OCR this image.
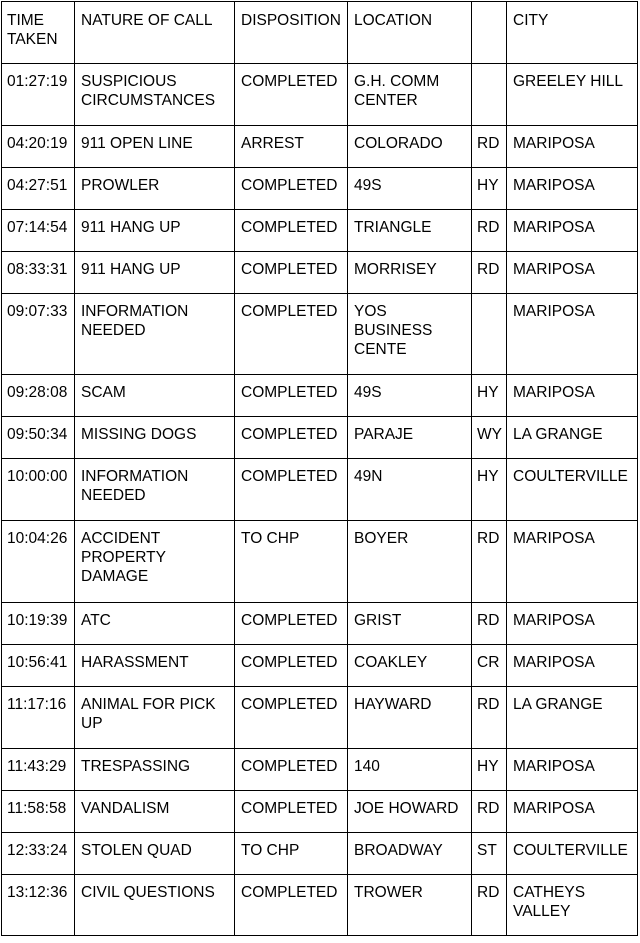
TIME TAKEN	NATURE OF CALL	DISPOSITION	LOCATION		CITY
01:27:19	SUSPICIOUS CIRCUMSTANCES	COMPLETED	G.H. COMM CENTER		GREELEY HILL
04:20:19	911 OPEN LINE	ARREST	COLORADO	RD	MARIPOSA
04:27:51	PROWLER	COMPLETED	49S	HY	MARIPOSA
07:14:54	911 HANG UP	COMPLETED	TRIANGLE	RD	MARIPOSA
08:33:31	911 HANG UP	COMPLETED	MORRISEY	RD	MARIPOSA
09:07:33	INFORMATION NEEDED	COMPLETED	YOS BUSINESS CENTE		MARIPOSA
09:28:08	SCAM	COMPLETED	49S	HY	MARIPOSA
09:50:34	MISSING DOGS	COMPLETED	PARAJE	WY	LA GRANGE
10:00:00	INFORMATION NEEDED	COMPLETED	49N	HY	COULTERVILLE
10:04:26	ACCIDENT PROPERTY DAMAGE	TO CHP	BOYER	RD	MARIPOSA
10:19:39	ATC	COMPLETED	GRIST	RD	MARIPOSA
10:56:41	HARASSMENT	COMPLETED	COAKLEY	CR	MARIPOSA
11:17:16	ANIMAL FOR PICK UP	COMPLETED	HAYWARD	RD	LA GRANGE
11:43:29	TRESPASSING	COMPLETED	140	HY	MARIPOSA
11:58:58	VANDALISM	COMPLETED	JOE HOWARD	RD	MARIPOSA
12:33:24	STOLEN QUAD	TO CHP	BROADWAY	ST	COULTERVILLE
13:12:36	CIVIL QUESTIONS	COMPLETED	TROWER	RD	CATHEYS VALLEY
